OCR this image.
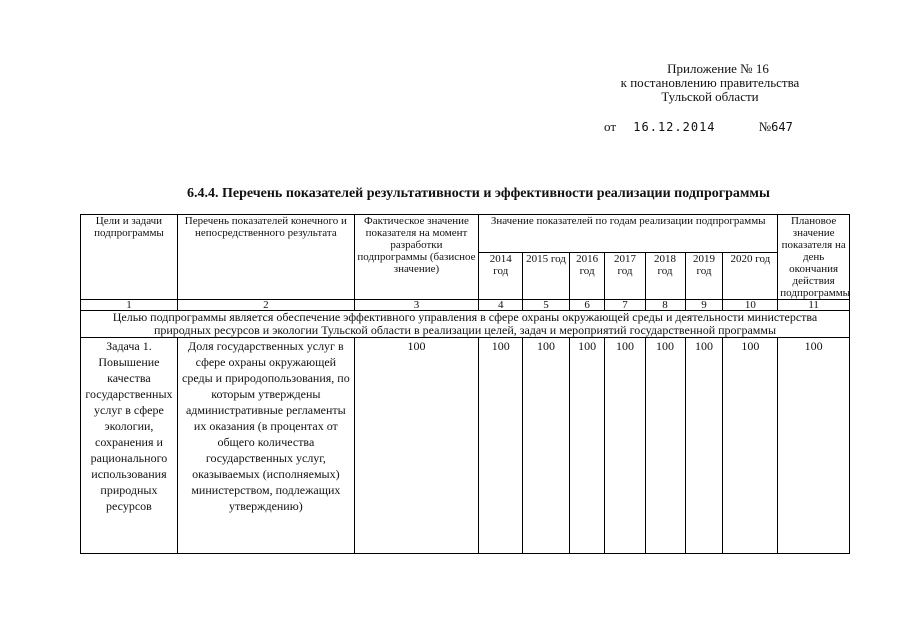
Приложение № 16
к постановлению правительства
Тульской области
от 16.12.2014	№647
6.4.4. Перечень показателей результативности и эффективности реализации подпрограммы
Цели и задачи подпрограммы	Перечень показателей конечного и непосредственного результата	Фактическое значение показателя на момент разработки подпрограммы (базисное значение)	Значение показателей по годам реализации подпрограммы							Плановое значение показателя на день окончания действия подпрограммы
			2014 год	2015 год	2016 год	2017 год	2018 год	2019 год	2020 год	
1	2	3	4	5	6	7	8	9	10	11
Целью подпрограммы является обеспечение эффективного управления в сфере охраны окружающей среды и деятельности министерства природных ресурсов и экологии Тульской области в реализации целей, задач и мероприятий государственной программы										
Задача 1. Повышение качества государственных услуг в сфере экологии, сохранения и рационального использования природных ресурсов	Доля государственных услуг в сфере охраны окружающей среды и природопользования, по которым утверждены административные регламенты их оказания (в процентах от общего количества государственных услуг, оказываемых (исполняемых) министерством, подлежащих утверждению)	100	100	100	100	100	100	100	100	100
